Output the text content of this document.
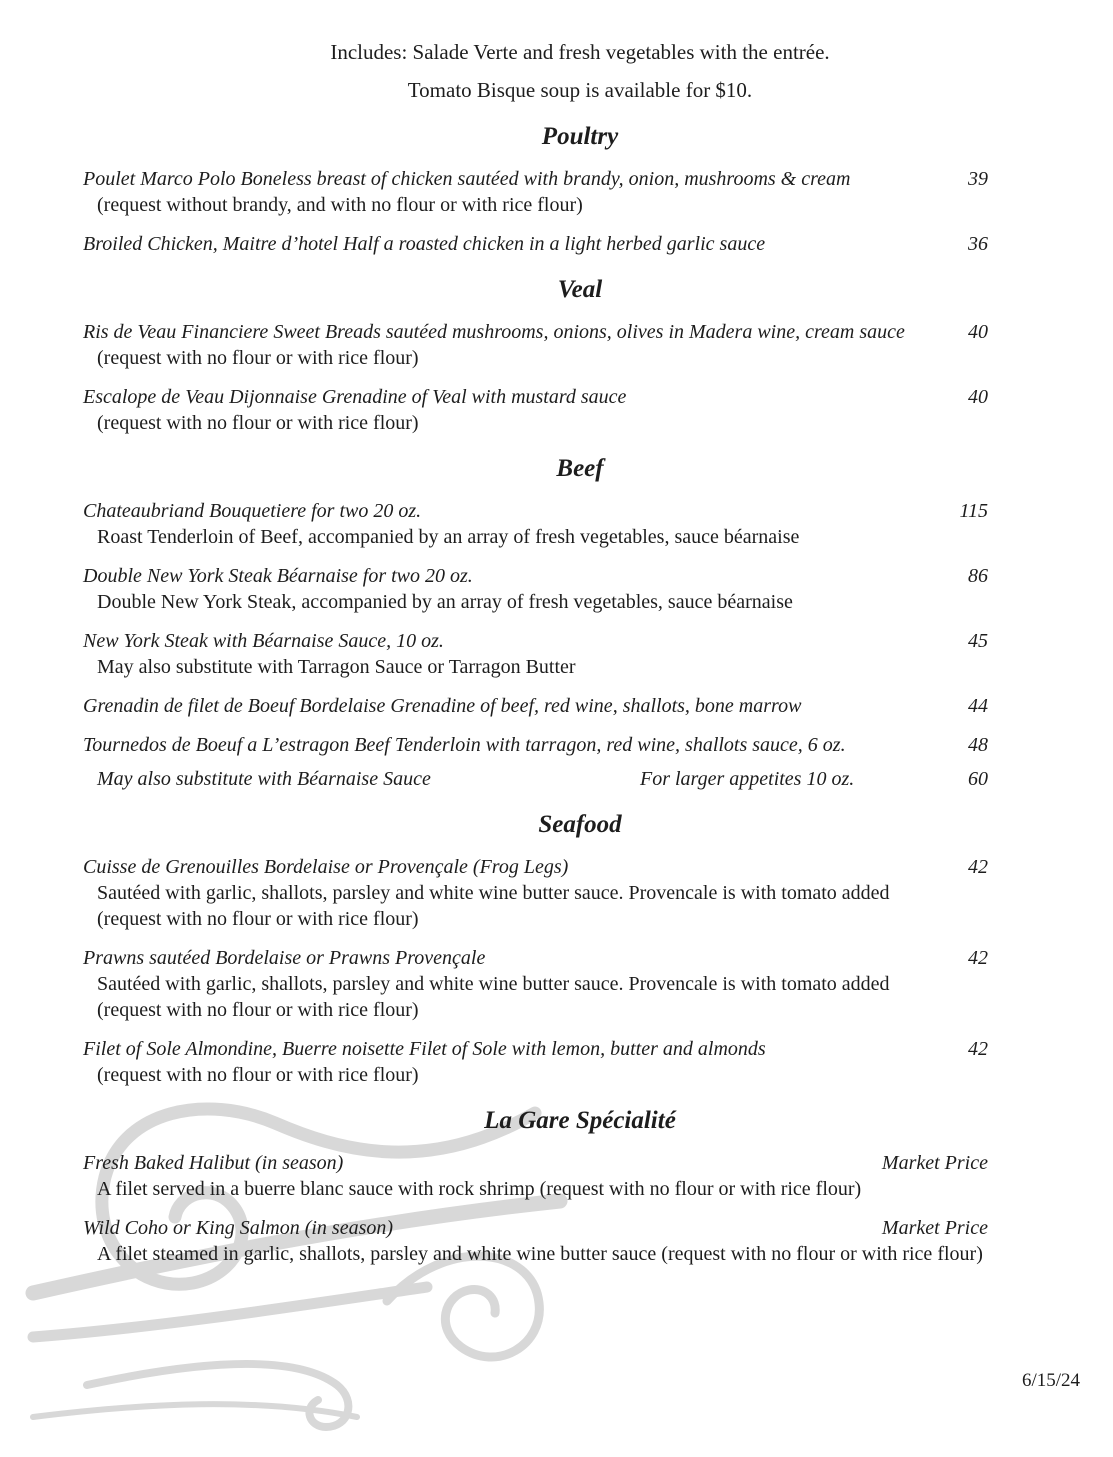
Includes: Salade Verte and fresh vegetables with the entrée.

Tomato Bisque soup is available for $10.

Poultry
Poulet Marco Polo Boneless breast of chicken sautéed with brandy, onion, mushrooms & cream	39
(request without brandy, and with no flour or with rice flour)
Broiled Chicken, Maitre d’hotel Half a roasted chicken in a light herbed garlic sauce	36
Veal
Ris de Veau Financiere Sweet Breads sautéed mushrooms, onions, olives in Madera wine, cream sauce	40
(request with no flour or with rice flour)
Escalope de Veau Dijonnaise Grenadine of Veal with mustard sauce	40
(request with no flour or with rice flour)
Beef
Chateaubriand Bouquetiere for two 20 oz.	115
Roast Tenderloin of Beef, accompanied by an array of fresh vegetables, sauce béarnaise
Double New York Steak Béarnaise for two 20 oz.	86
Double New York Steak, accompanied by an array of fresh vegetables, sauce béarnaise
New York Steak with Béarnaise Sauce, 10 oz.	45
May also substitute with Tarragon Sauce or Tarragon Butter
Grenadin de filet de Boeuf Bordelaise Grenadine of beef, red wine, shallots, bone marrow	44
Tournedos de Boeuf a L’estragon Beef Tenderloin with tarragon, red wine, shallots sauce, 6 oz.	48
May also substitute with Béarnaise Sauce	For larger appetites 10 oz.	60
Seafood
Cuisse de Grenouilles Bordelaise or Provençale (Frog Legs)	42
Sautéed with garlic, shallots, parsley and white wine butter sauce. Provencale is with tomato added
(request with no flour or with rice flour)
Prawns sautéed Bordelaise or Prawns Provençale	42
Sautéed with garlic, shallots, parsley and white wine butter sauce. Provencale is with tomato added
(request with no flour or with rice flour)
Filet of Sole Almondine, Buerre noisette Filet of Sole with lemon, butter and almonds	42
(request with no flour or with rice flour)
La Gare Spécialité
Fresh Baked Halibut (in season)	Market Price
A filet served in a buerre blanc sauce with rock shrimp (request with no flour or with rice flour)
Wild Coho or King Salmon (in season)	Market Price
A filet steamed in garlic, shallots, parsley and white wine butter sauce (request with no flour or with rice flour)
6/15/24
